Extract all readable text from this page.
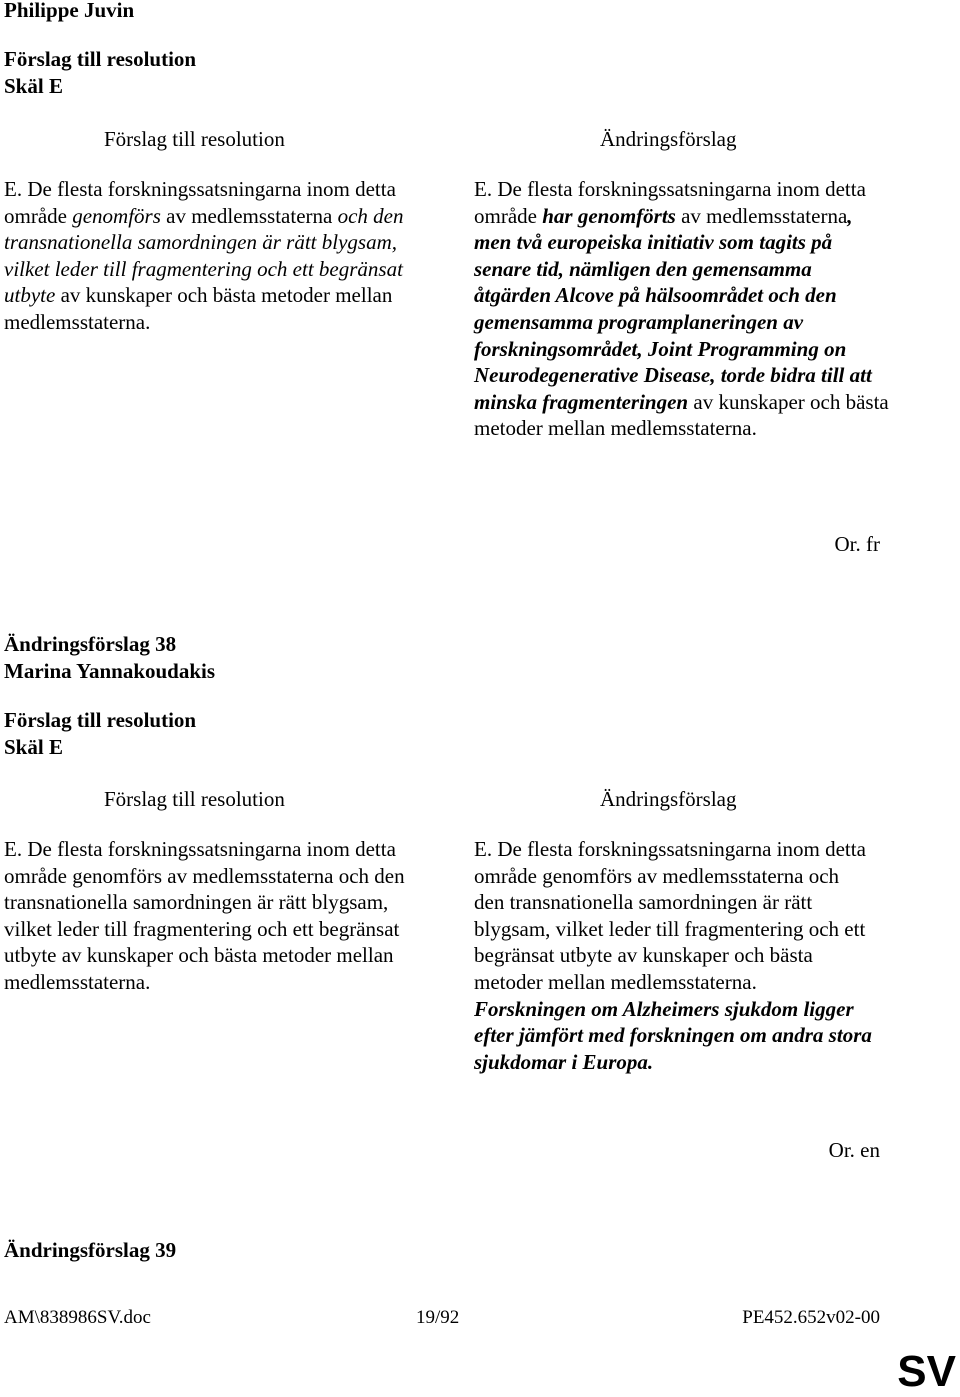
Philippe Juvin
Förslag till resolution
Skäl E
Förslag till resolution	Ändringsförslag
E. De flesta forskningssatsningarna inom detta område genomförs av medlemsstaterna och den transnationella samordningen är rätt blygsam, vilket leder till fragmentering och ett begränsat utbyte av kunskaper och bästa metoder mellan medlemsstaterna.
E. De flesta forskningssatsningarna inom detta område har genomförts av medlemsstaterna, men två europeiska initiativ som tagits på senare tid, nämligen den gemensamma åtgärden Alcove på hälsoområdet och den gemensamma programplaneringen av forskningsområdet, Joint Programming on Neurodegenerative Disease, torde bidra till att minska fragmenteringen av kunskaper och bästa metoder mellan medlemsstaterna.
Or. fr
Ändringsförslag 38
Marina Yannakoudakis
Förslag till resolution
Skäl E
Förslag till resolution	Ändringsförslag
E. De flesta forskningssatsningarna inom detta område genomförs av medlemsstaterna och den transnationella samordningen är rätt blygsam, vilket leder till fragmentering och ett begränsat utbyte av kunskaper och bästa metoder mellan medlemsstaterna.
E. De flesta forskningssatsningarna inom detta område genomförs av medlemsstaterna och den transnationella samordningen är rätt blygsam, vilket leder till fragmentering och ett begränsat utbyte av kunskaper och bästa metoder mellan medlemsstaterna. Forskningen om Alzheimers sjukdom ligger efter jämfört med forskningen om andra stora sjukdomar i Europa.
Or. en
Ändringsförslag 39
AM\838986SV.doc	19/92	PE452.652v02-00
SV
